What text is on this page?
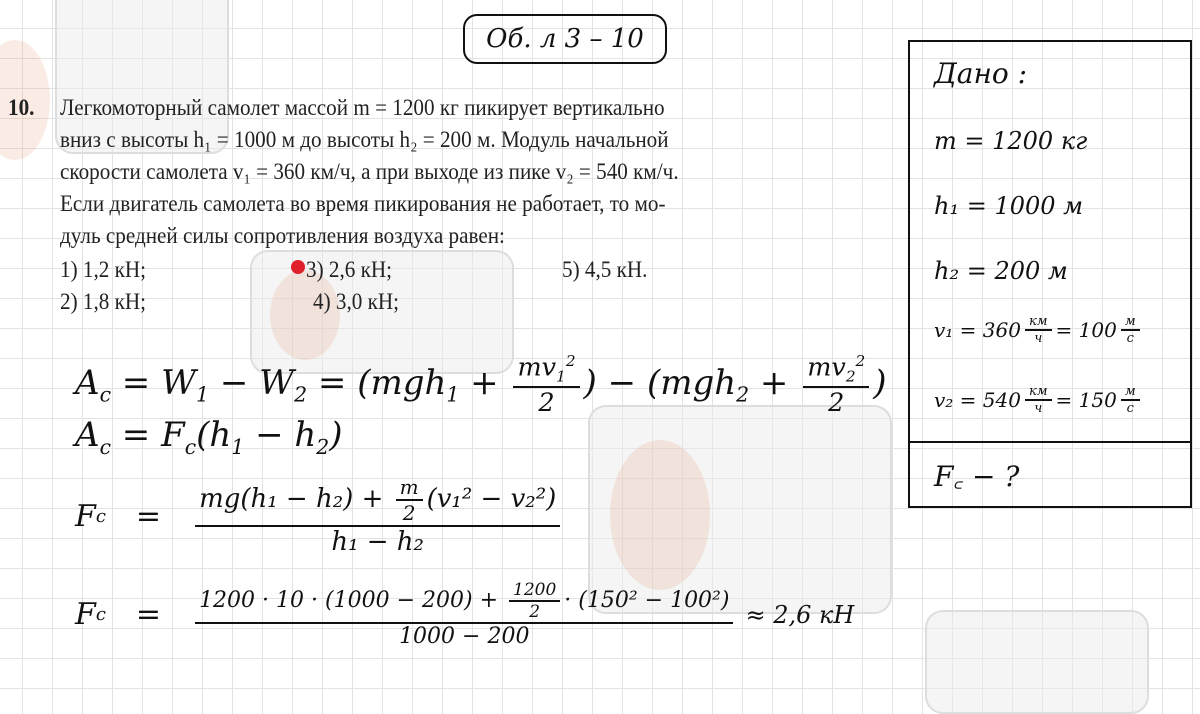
Об. л 3 – 10
10. Легкомоторный самолет массой m = 1200 кг пикирует вертикально
вниз с высоты h₁ = 1000 м до высоты h₂ = 200 м. Модуль начальной
скорости самолета v₁ = 360 км/ч, а при выходе из пике v₂ = 540 км/ч.
Если двигатель самолета во время пикирования не работает, то мо-
дуль средней силы сопротивления воздуха равен:
1) 1,2 кН;
2) 1,8 кН;
3) 2,6 кН;
4) 3,0 кН;
5) 4,5 кН.
$A_c = W_1 - W_2 = (mgh_1 + \frac{mv_1^2}{2}$ ) − ($mgh_2 + \frac{mv_2^2}{2}$ )
$A_c = F_c(h_1 - h_2)$
F $c = \frac{mg(h_1 - h_2) + \frac{m}{2} (v_1^2 - v_2^2)}{\text{h₁ − h₂}}$
F $c = \frac{1200 \cdot 10 \cdot (1000 - 200) + \frac{1200}{2} \cdot (150^2 - 100^2)}{1000 - 200} \approx 2,6$ кН
Дано :
m = 1200 кг
h₁ = 1000 м
h₂ = 200 м
$v_1 = 360 \frac{км}{ч} = 100 \frac{м}{с}$
$v_2 = 540 \frac{км}{ч} = 150 \frac{м}{с}$
F꜀ − ?
